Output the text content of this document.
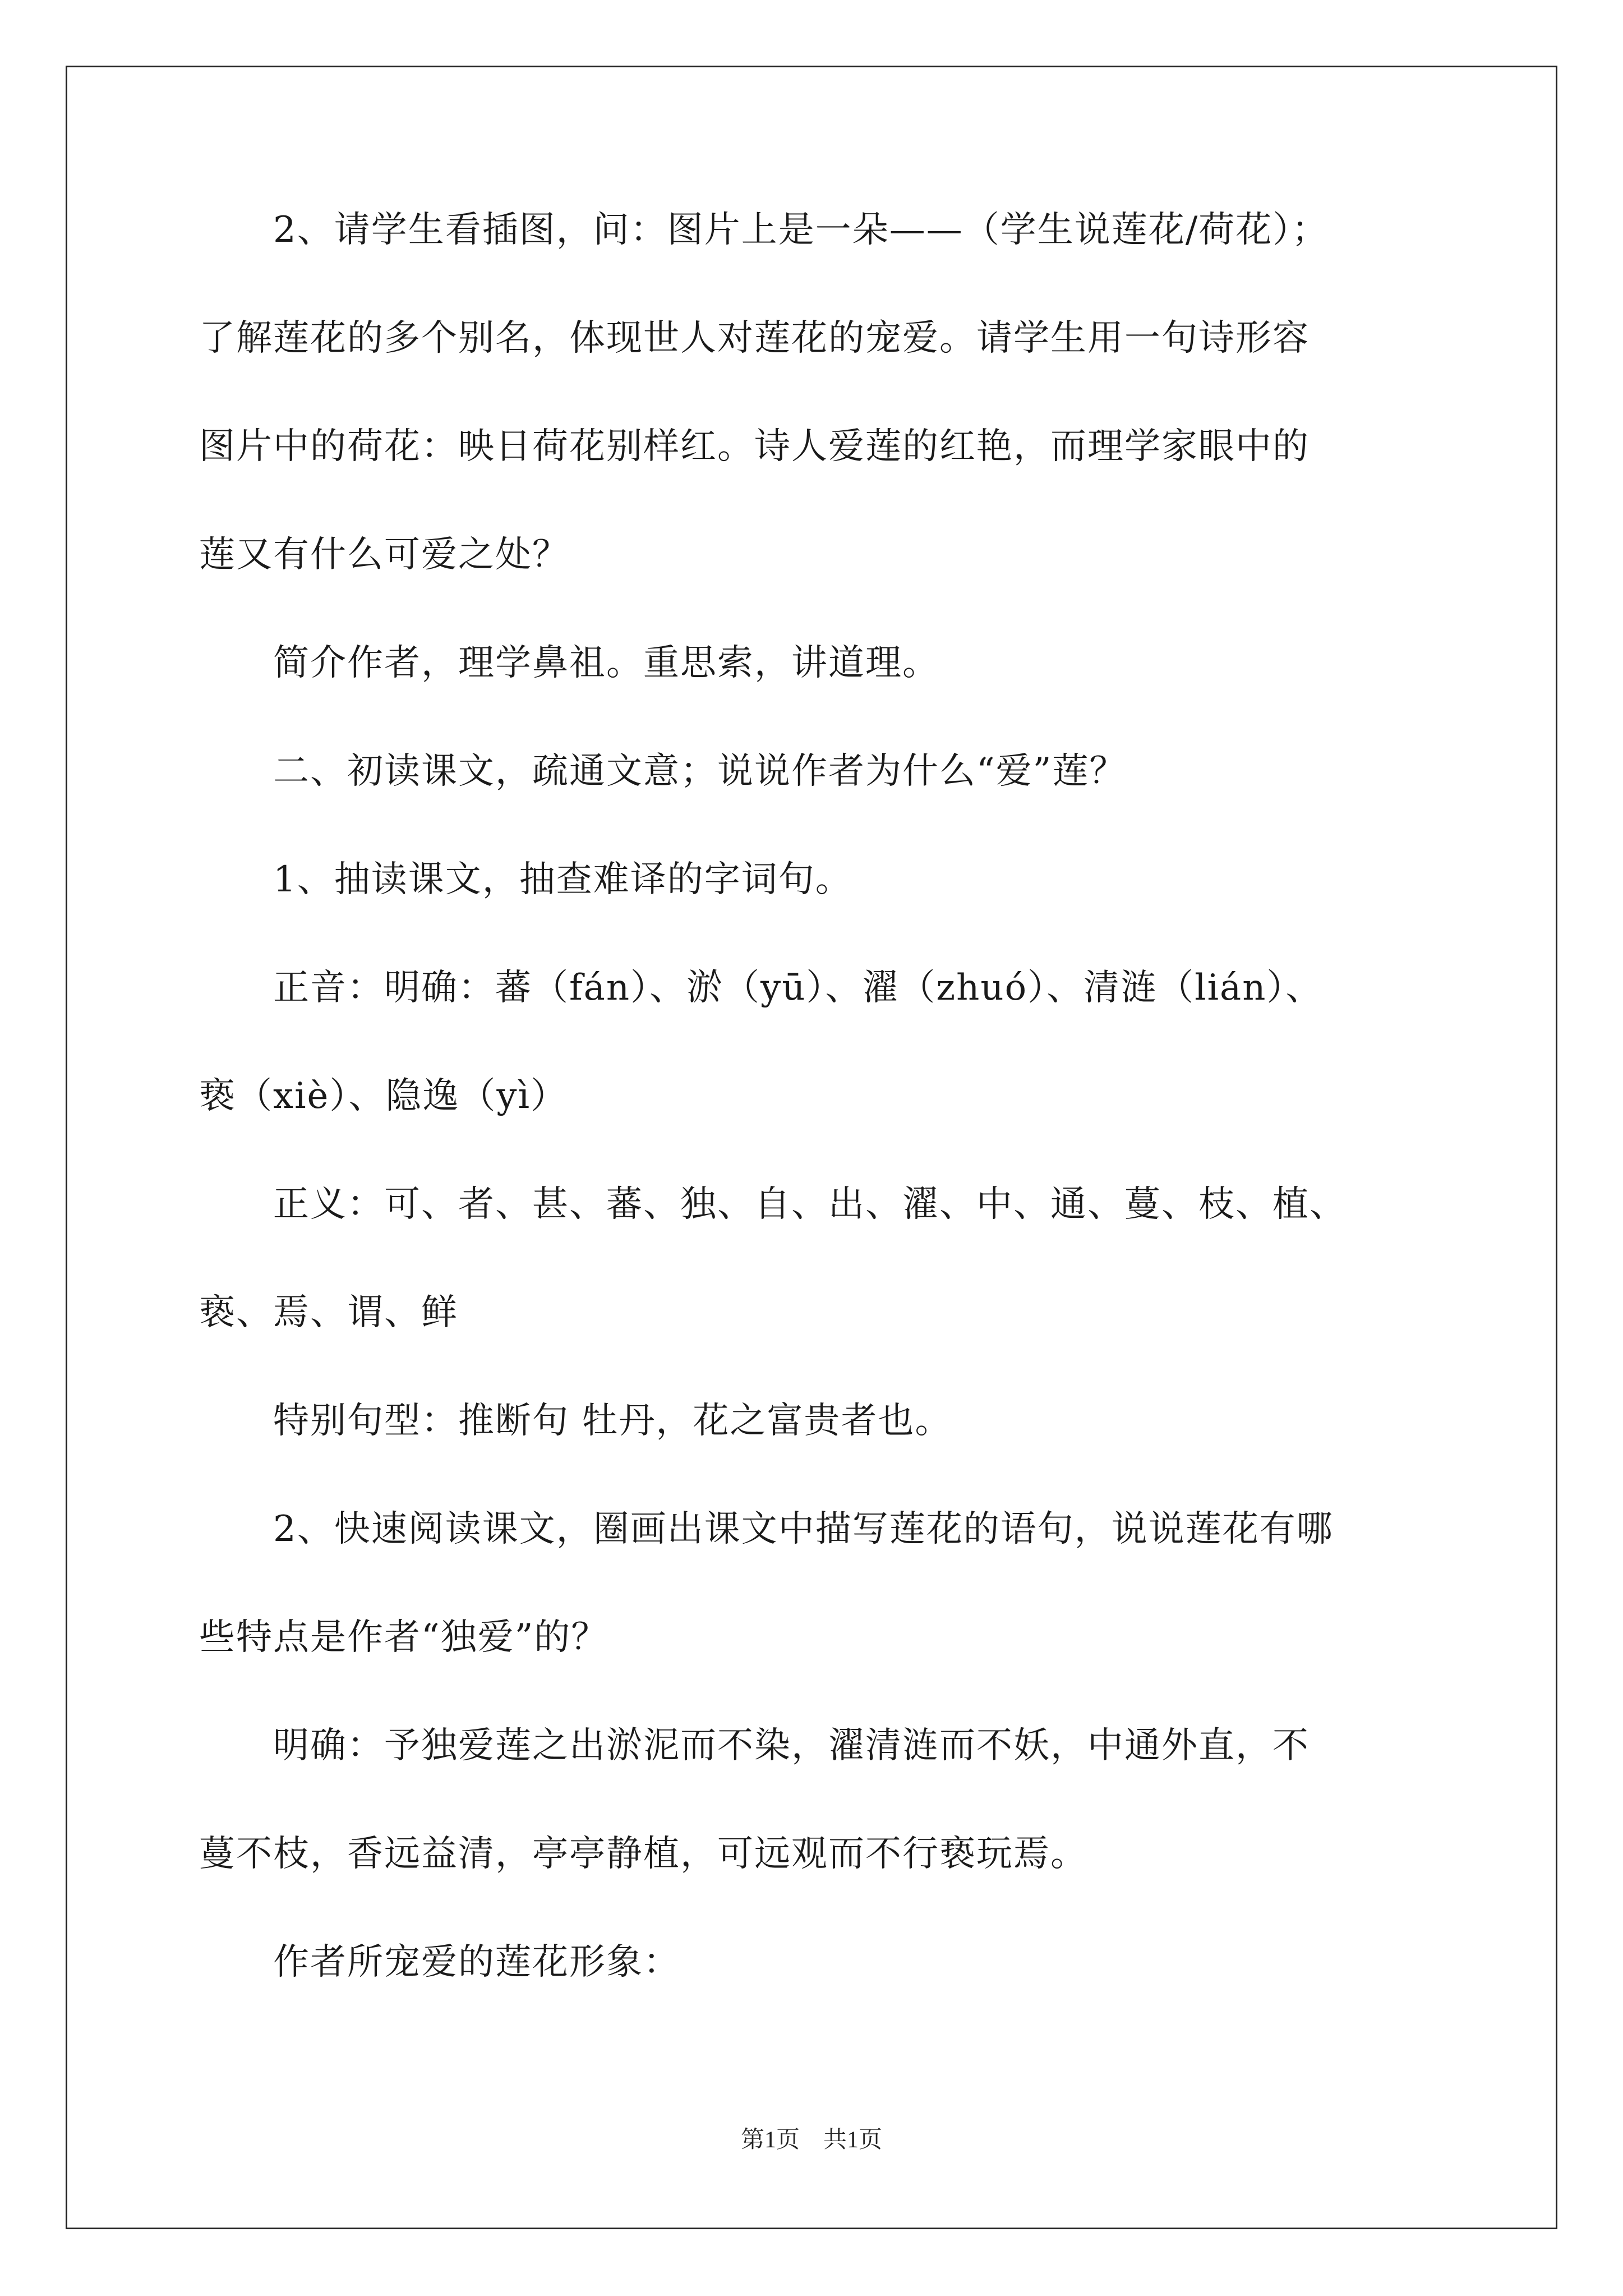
　　2、请学生看插图，问：图片上是一朵——（学生说莲花/荷花）；
了解莲花的多个别名，体现世人对莲花的宠爱。请学生用一句诗形容
图片中的荷花：映日荷花别样红。诗人爱莲的红艳，而理学家眼中的
莲又有什么可爱之处？
　　简介作者，理学鼻祖。重思索，讲道理。
　　二、初读课文，疏通文意；说说作者为什么“爱”莲？
　　1、抽读课文，抽查难译的字词句。
　　正音：明确：蕃（fán）、淤（yū）、濯（zhuó）、清涟（lián）、
亵（xiè）、隐逸（yì）
　　正义：可、者、甚、蕃、独、自、出、濯、中、通、蔓、枝、植、
亵、焉、谓、鲜
　　特别句型：推断句 牡丹，花之富贵者也。
　　2、快速阅读课文，圈画出课文中描写莲花的语句，说说莲花有哪
些特点是作者“独爱”的？
　　明确：予独爱莲之出淤泥而不染，濯清涟而不妖，中通外直，不
蔓不枝，香远益清，亭亭静植，可远观而不行亵玩焉。
　　作者所宠爱的莲花形象：
第1页　共1页
